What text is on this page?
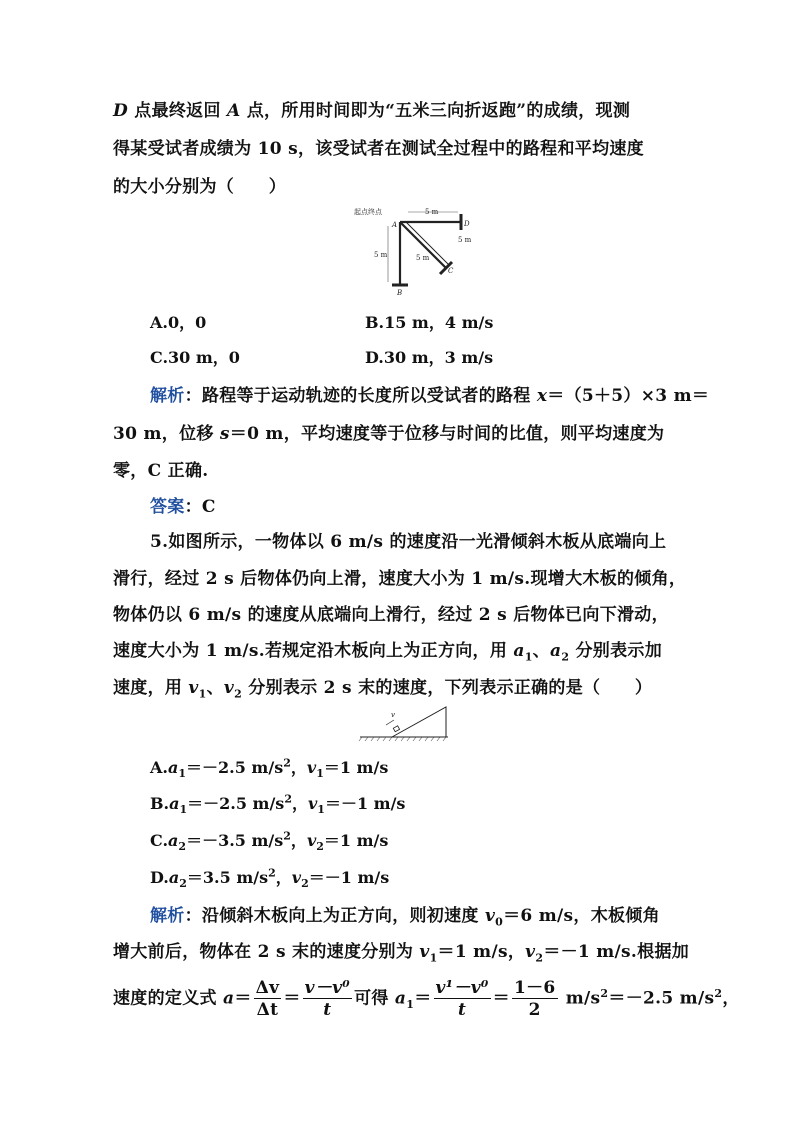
D 点最终返回 A 点，所用时间即为“五米三向折返跑”的成绩，现测
得某受试者成绩为 10 s，该受试者在测试全过程中的路程和平均速度
的大小分别为（　　）
起点终点
A
5 m
D
5 m
5 m	5 m
C
B
A.0，0	B.15 m，4 m/s
C.30 m，0	D.30 m，3 m/s
解析：路程等于运动轨迹的长度所以受试者的路程 x＝（5＋5）×3 m＝
30 m，位移 s＝0 m，平均速度等于位移与时间的比值，则平均速度为
零，C 正确.
答案：C
5.如图所示，一物体以 6 m/s 的速度沿一光滑倾斜木板从底端向上
滑行，经过 2 s 后物体仍向上滑，速度大小为 1 m/s.现增大木板的倾角，
物体仍以 6 m/s 的速度从底端向上滑行，经过 2 s 后物体已向下滑动，
速度大小为 1 m/s.若规定沿木板向上为正方向，用 $a_1$、$a_2$ 分别表示加
速度，用 $v_1$、$v_2$ 分别表示 2 s 末的速度，下列表示正确的是（　　）
v
$A.a_1=-2.5$ $m/s^2$，$v_1=1$ m/s
$B.a_1=-2.5$ $m/s^2$，$v_1=-1$ m/s
$C.a_2=-3.5$ $m/s^2$，$v_2=1$ m/s
$D.a_2=3.5$ $m/s^2$，$v_2=-1$ m/s
解析：沿倾斜木板向上为正方向，则初速度 $v_0=6$ m/s，木板倾角
增大前后，物体在 2 s 末的速度分别为 $v_1=1$ m/s，$v_2=-1$ m/s.根据加
速度的定义式 $a= \frac{\Delta v}{\Delta t} = \frac{\text{v－v⁰}}{t}$ 可得 $a_1= \frac{\text{v¹－v⁰}}{t} = \frac{1-6}{2} m/s^2=-2.5$ $m/s^2$，
